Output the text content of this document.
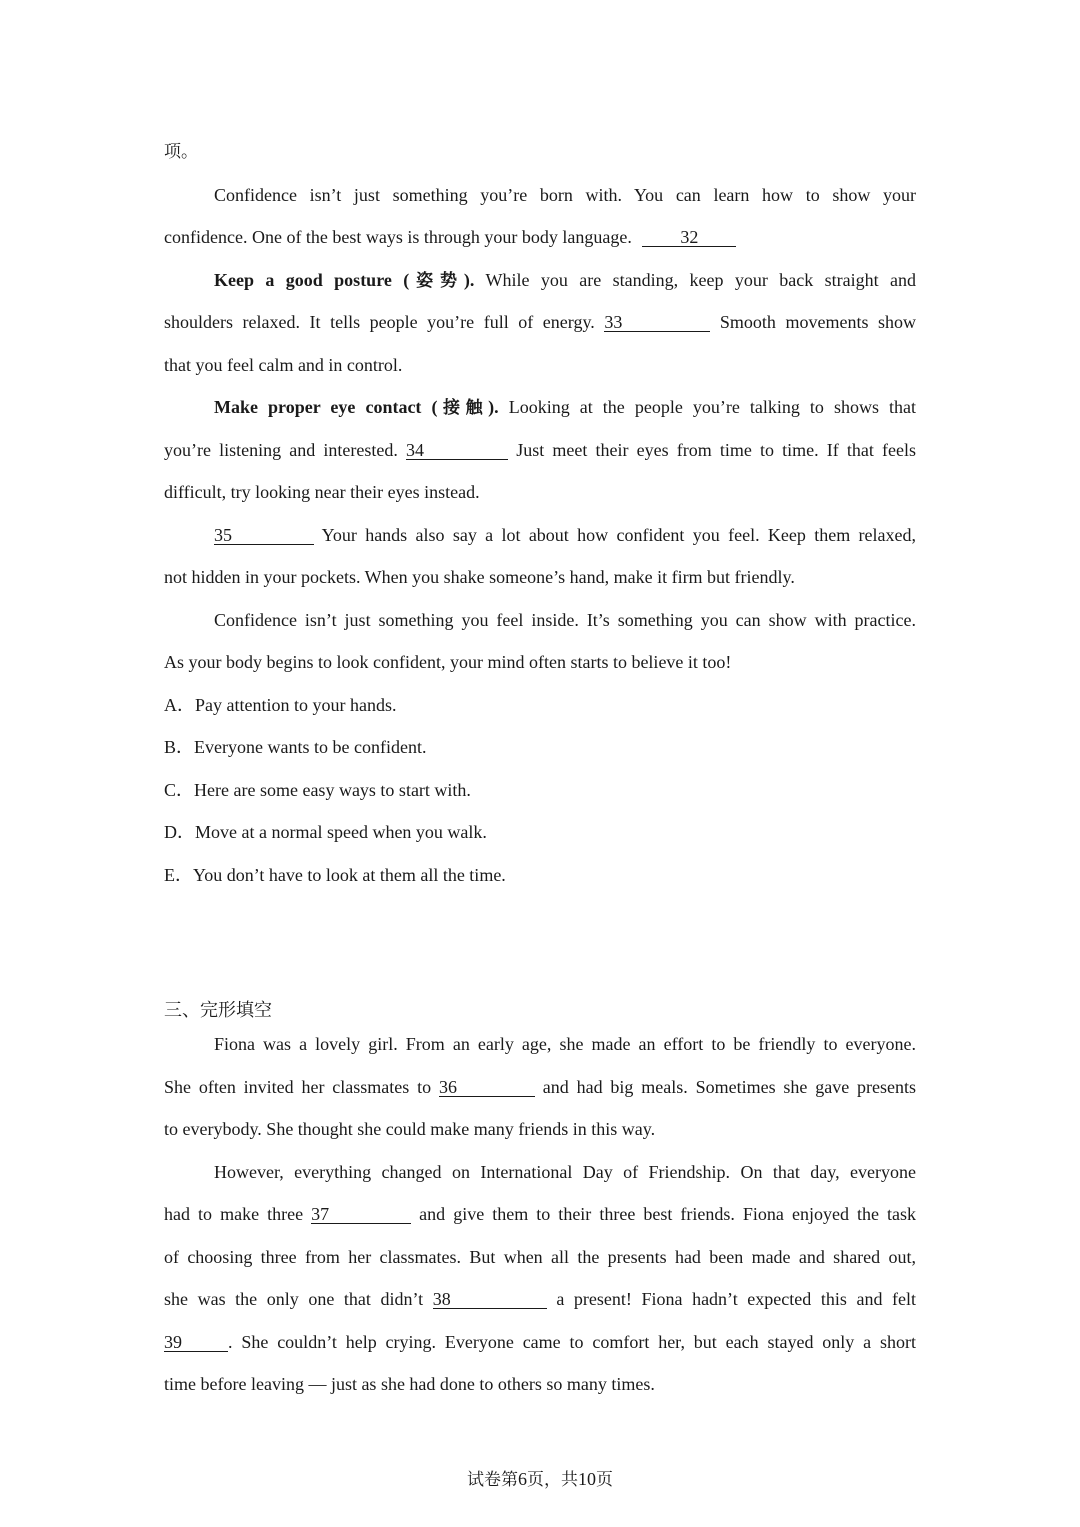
项。
Confidence isn’t just something you’re born with. You can learn how to show your
confidence. One of the best ways is through your body language.	32
Keep a good posture (姿势). While you are standing, keep your back straight and
shoulders relaxed. It tells people you’re full of energy. 33	Smooth movements show
that you feel calm and in control.
Make proper eye contact (接触). Looking at the people you’re talking to shows that
you’re listening and interested. 34	Just meet their eyes from time to time. If that feels
difficult, try looking near their eyes instead.
35	Your hands also say a lot about how confident you feel. Keep them relaxed,
not hidden in your pockets. When you shake someone’s hand, make it firm but friendly.
Confidence isn’t just something you feel inside. It’s something you can show with practice.
As your body begins to look confident, your mind often starts to believe it too!
A．Pay attention to your hands.
B．Everyone wants to be confident.
C．Here are some easy ways to start with.
D．Move at a normal speed when you walk.
E．You don’t have to look at them all the time.
三、完形填空
Fiona was a lovely girl. From an early age, she made an effort to be friendly to everyone.
She often invited her classmates to 36	and had big meals. Sometimes she gave presents
to everybody. She thought she could make many friends in this way.
However, everything changed on International Day of Friendship. On that day, everyone
had to make three 37	and give them to their three best friends. Fiona enjoyed the task
of choosing three from her classmates. But when all the presents had been made and shared out,
she was the only one that didn’t 38	a present! Fiona hadn’t expected this and felt
39	. She couldn’t help crying. Everyone came to comfort her, but each stayed only a short
time before leaving — just as she had done to others so many times.
试卷第6页，共10页
